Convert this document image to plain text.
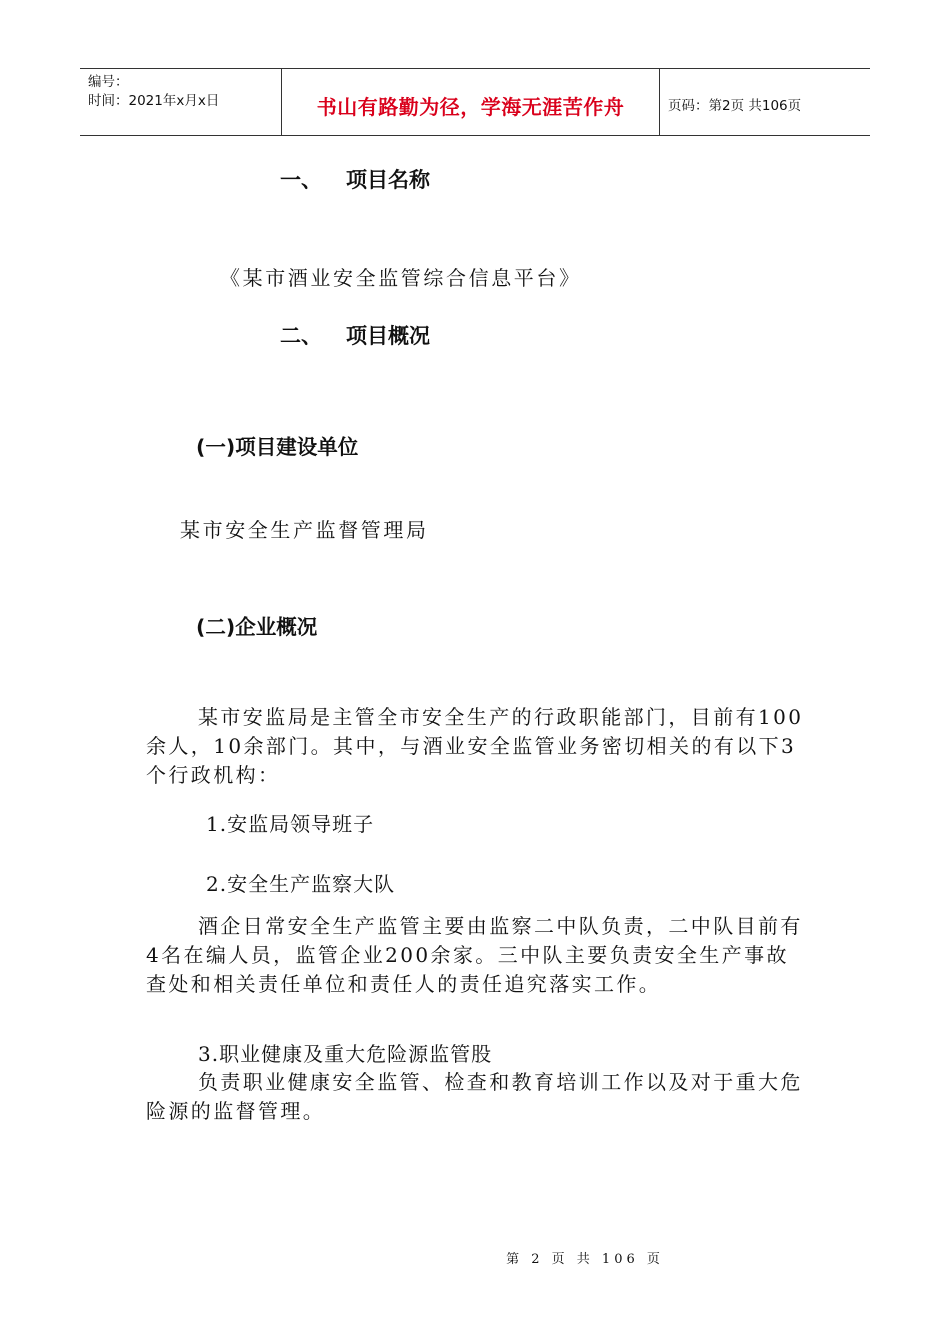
编号：
时间：2021年x月x日	书山有路勤为径，学海无涯苦作舟	页码：第2页 共106页
一、 项目名称
《某市酒业安全监管综合信息平台》
二、 项目概况
(一)项目建设单位
某市安全生产监督管理局
(二)企业概况
某市安监局是主管全市安全生产的行政职能部门，目前有100余人，10余部门。其中，与酒业安全监管业务密切相关的有以下3个行政机构：
1.安监局领导班子
2.安全生产监察大队
酒企日常安全生产监管主要由监察二中队负责，二中队目前有4名在编人员，监管企业200余家。三中队主要负责安全生产事故查处和相关责任单位和责任人的责任追究落实工作。
3.职业健康及重大危险源监管股
负责职业健康安全监管、检查和教育培训工作以及对于重大危险源的监督管理。
第 2 页 共 106 页
